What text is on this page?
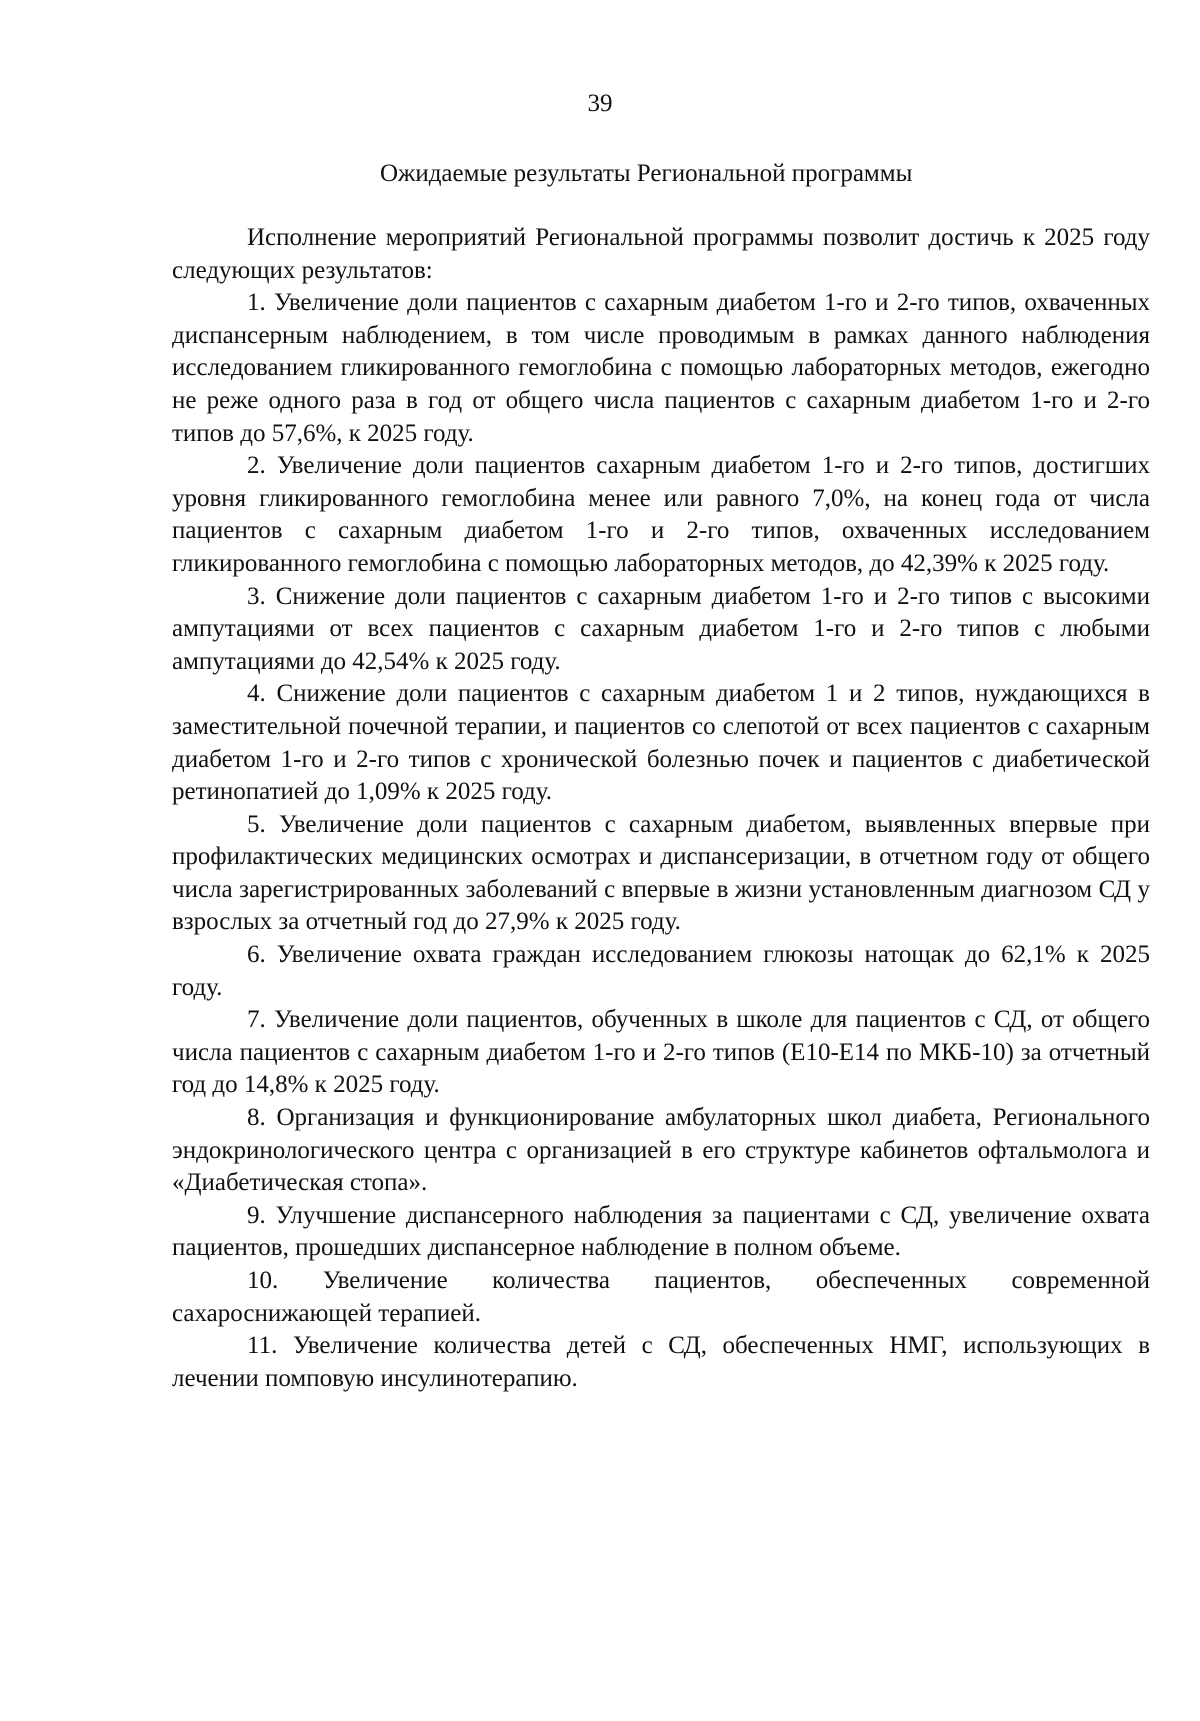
39
Ожидаемые результаты Региональной программы

Исполнение мероприятий Региональной программы позволит достичь к 2025 году следующих результатов:

1. Увеличение доли пациентов с сахарным диабетом 1-го и 2-го типов, охваченных диспансерным наблюдением, в том числе проводимым в рамках данного наблюдения исследованием гликированного гемоглобина с помощью лабораторных методов, ежегодно не реже одного раза в год от общего числа пациентов с сахарным диабетом 1-го и 2-го типов до 57,6%, к 2025 году.

2. Увеличение доли пациентов сахарным диабетом 1-го и 2-го типов, достигших уровня гликированного гемоглобина менее или равного 7,0%, на конец года от числа пациентов с сахарным диабетом 1-го и 2-го типов, охваченных исследованием гликированного гемоглобина с помощью лабораторных методов, до 42,39% к 2025 году.

3. Снижение доли пациентов с сахарным диабетом 1-го и 2-го типов с высокими ампутациями от всех пациентов с сахарным диабетом 1-го и 2-го типов с любыми ампутациями до 42,54% к 2025 году.

4. Снижение доли пациентов с сахарным диабетом 1 и 2 типов, нуждающихся в заместительной почечной терапии, и пациентов со слепотой от всех пациентов с сахарным диабетом 1-го и 2-го типов с хронической болезнью почек и пациентов с диабетической ретинопатией до 1,09% к 2025 году.

5. Увеличение доли пациентов с сахарным диабетом, выявленных впервые при профилактических медицинских осмотрах и диспансеризации, в отчетном году от общего числа зарегистрированных заболеваний с впервые в жизни установленным диагнозом СД у взрослых за отчетный год до 27,9% к 2025 году.

6. Увеличение охвата граждан исследованием глюкозы натощак до 62,1% к 2025 году.

7. Увеличение доли пациентов, обученных в школе для пациентов с СД, от общего числа пациентов с сахарным диабетом 1-го и 2-го типов (Е10-Е14 по МКБ-10) за отчетный год до 14,8% к 2025 году.

8. Организация и функционирование амбулаторных школ диабета, Регионального эндокринологического центра с организацией в его структуре кабинетов офтальмолога и «Диабетическая стопа».

9. Улучшение диспансерного наблюдения за пациентами с СД, увеличение охвата пациентов, прошедших диспансерное наблюдение в полном объеме.

10. Увеличение количества пациентов, обеспеченных современной сахароснижающей терапией.

11. Увеличение количества детей с СД, обеспеченных НМГ, использующих в лечении помповую инсулинотерапию.
